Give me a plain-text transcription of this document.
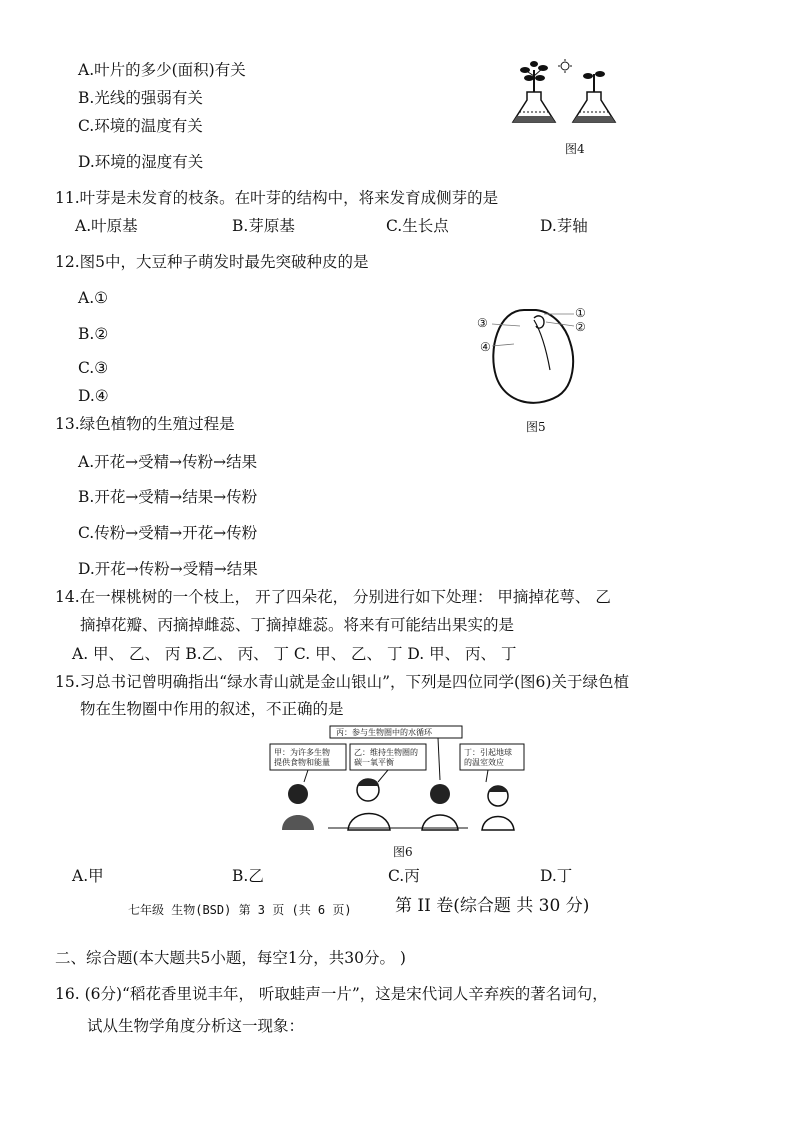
A.叶片的多少(面积)有关
B.光线的强弱有关
C.环境的温度有关
D.环境的湿度有关
图4
11.叶芽是未发育的枝条。在叶芽的结构中，将来发育成侧芽的是
A.叶原基	B.芽原基	C.生长点	D.芽轴
12.图5中，大豆种子萌发时最先突破种皮的是
A.①
B.②
C.③
D.④
①
②
③
④
图5
13.绿色植物的生殖过程是
A.开花→受精→传粉→结果
B.开花→受精→结果→传粉
C.传粉→受精→开花→传粉
D.开花→传粉→受精→结果
14.在一棵桃树的一个枝上， 开了四朵花， 分别进行如下处理： 甲摘掉花萼、 乙
摘掉花瓣、丙摘掉雌蕊、丁摘掉雄蕊。将来有可能结出果实的是
A. 甲、 乙、 丙 B.乙、 丙、 丁 C. 甲、 乙、 丁 D. 甲、 丙、 丁
15.习总书记曾明确指出“绿水青山就是金山银山”，下列是四位同学(图6)关于绿色植
物在生物圈中作用的叙述，不正确的是
丙：参与生物圈中的水循环
甲：为许多生物
提供食物和能量
乙：维持生物圈的
碳一氧平衡
丁：引起地球
的温室效应
图6
A.甲	B.乙	C.丙	D.丁
七年级 生物(BSD) 第 3 页 (共 6 页)	第 II 卷(综合题 共 30 分)
二、综合题(本大题共5小题，每空1分，共30分。 )
16. (6分)“稻花香里说丰年， 听取蛙声一片”，这是宋代词人辛弃疾的著名词句，
试从生物学角度分析这一现象：
